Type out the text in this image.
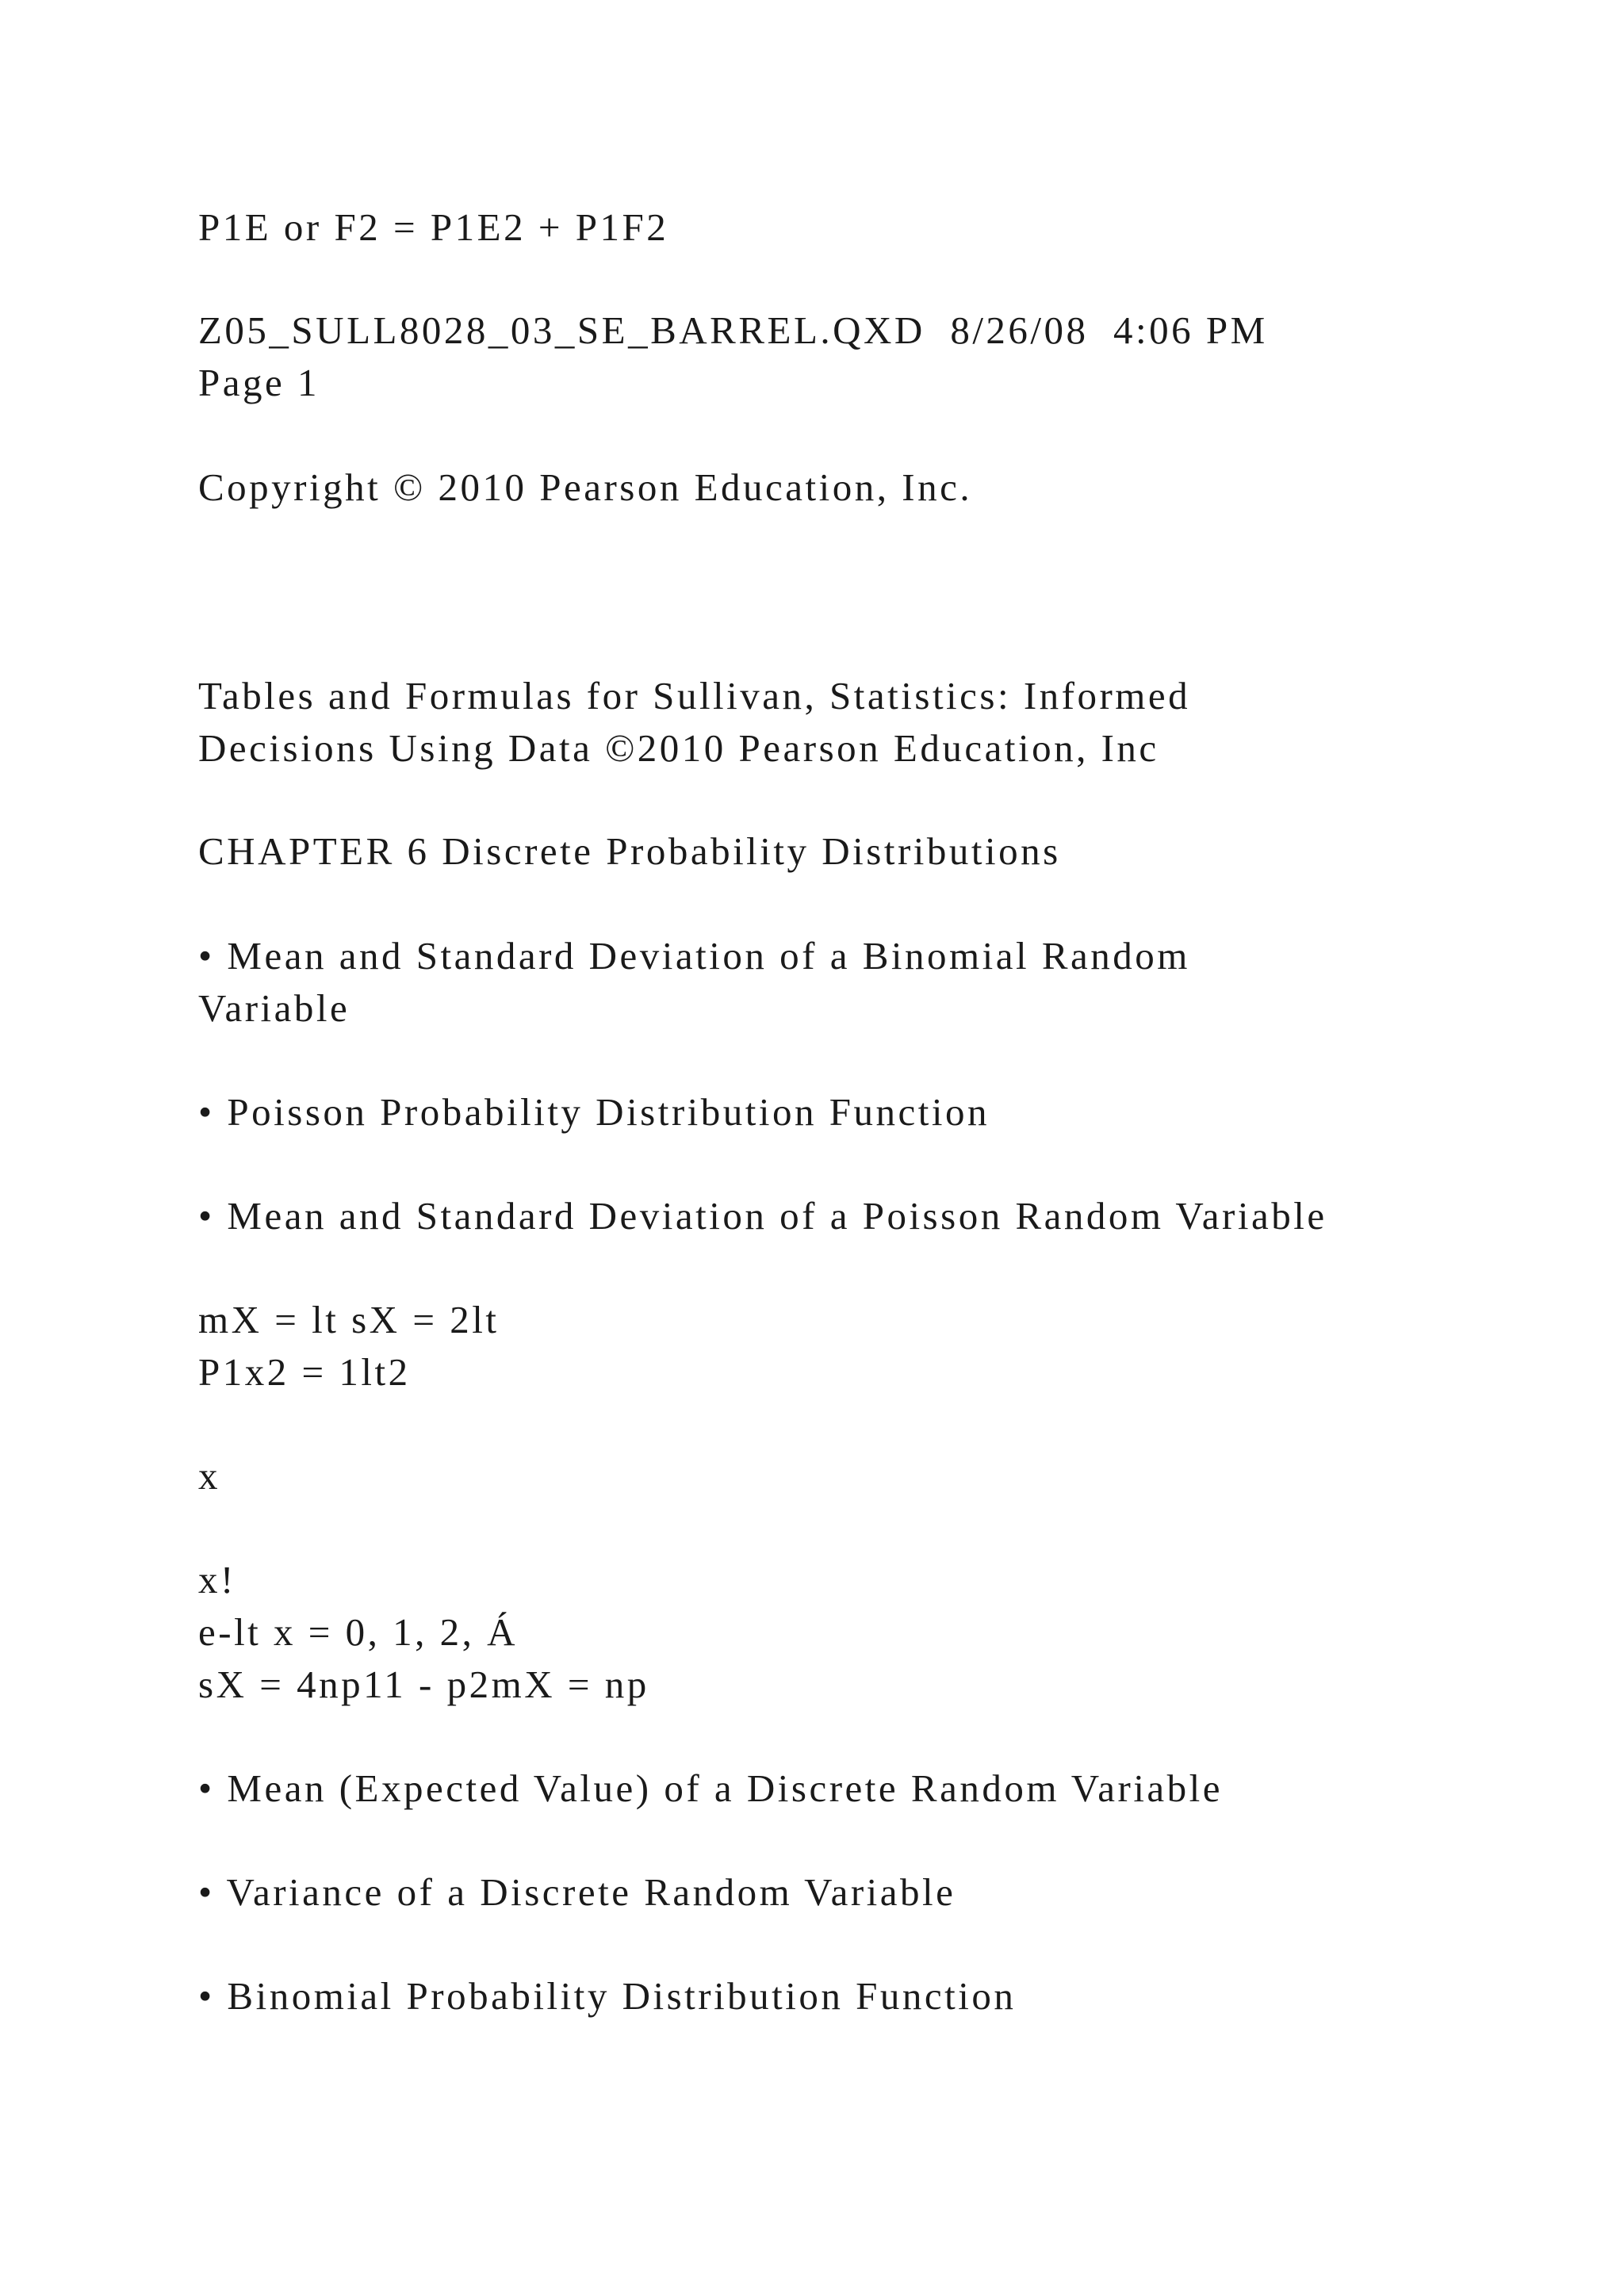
P1E or F2 = P1E2 + P1F2
Z05_SULL8028_03_SE_BARREL.QXD  8/26/08  4:06 PM
Page 1
Copyright © 2010 Pearson Education, Inc.
Tables and Formulas for Sullivan, Statistics: Informed
Decisions Using Data ©2010 Pearson Education, Inc
CHAPTER 6 Discrete Probability Distributions
• Mean and Standard Deviation of a Binomial Random
Variable
• Poisson Probability Distribution Function
• Mean and Standard Deviation of a Poisson Random Variable
mX = lt sX = 2lt
P1x2 = 1lt2
x
x!
e-lt x = 0, 1, 2, Á
sX = 4np11 - p2mX = np
• Mean (Expected Value) of a Discrete Random Variable
• Variance of a Discrete Random Variable
• Binomial Probability Distribution Function
